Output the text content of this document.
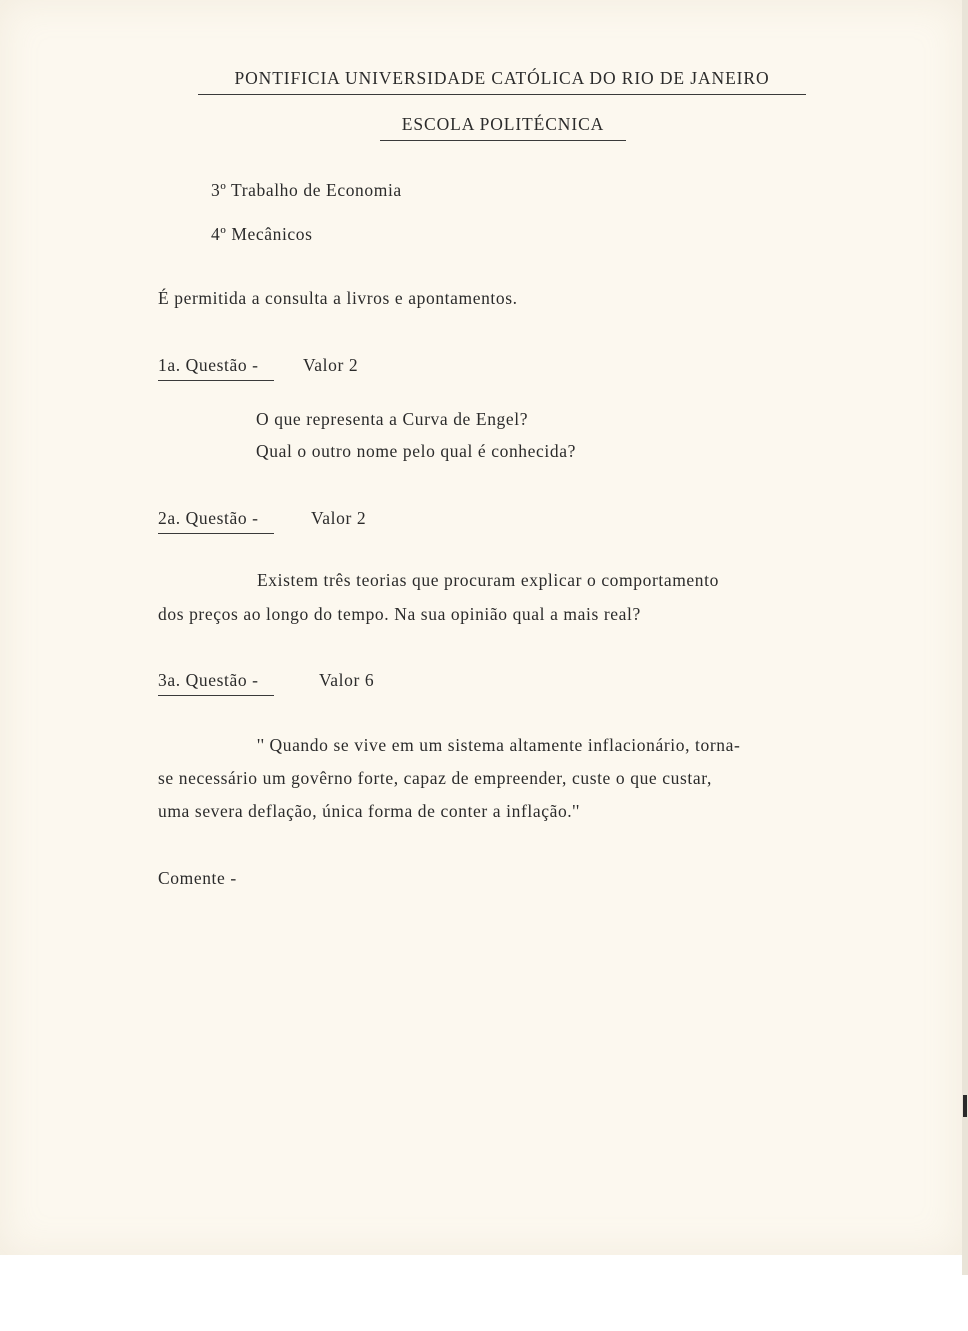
PONTIFICIA UNIVERSIDADE CATÓLICA DO RIO DE JANEIRO
ESCOLA POLITÉCNICA
3º Trabalho de Economia
4º Mecânicos
É permitida a consulta a livros e apontamentos.
1a. Questão -	Valor 2
O que representa a Curva de Engel?
Qual o outro nome pelo qual é conhecida?
2a. Questão -	Valor 2
Existem três teorias que procuram explicar o comportamento
dos preços ao longo do tempo. Na sua opinião qual a mais real?
3a. Questão -	Valor 6
'' Quando se vive em um sistema altamente inflacionário, torna-
se necessário um govêrno forte, capaz de empreender, custe o que custar,
uma severa deflação, única forma de conter a inflação.''
Comente -
